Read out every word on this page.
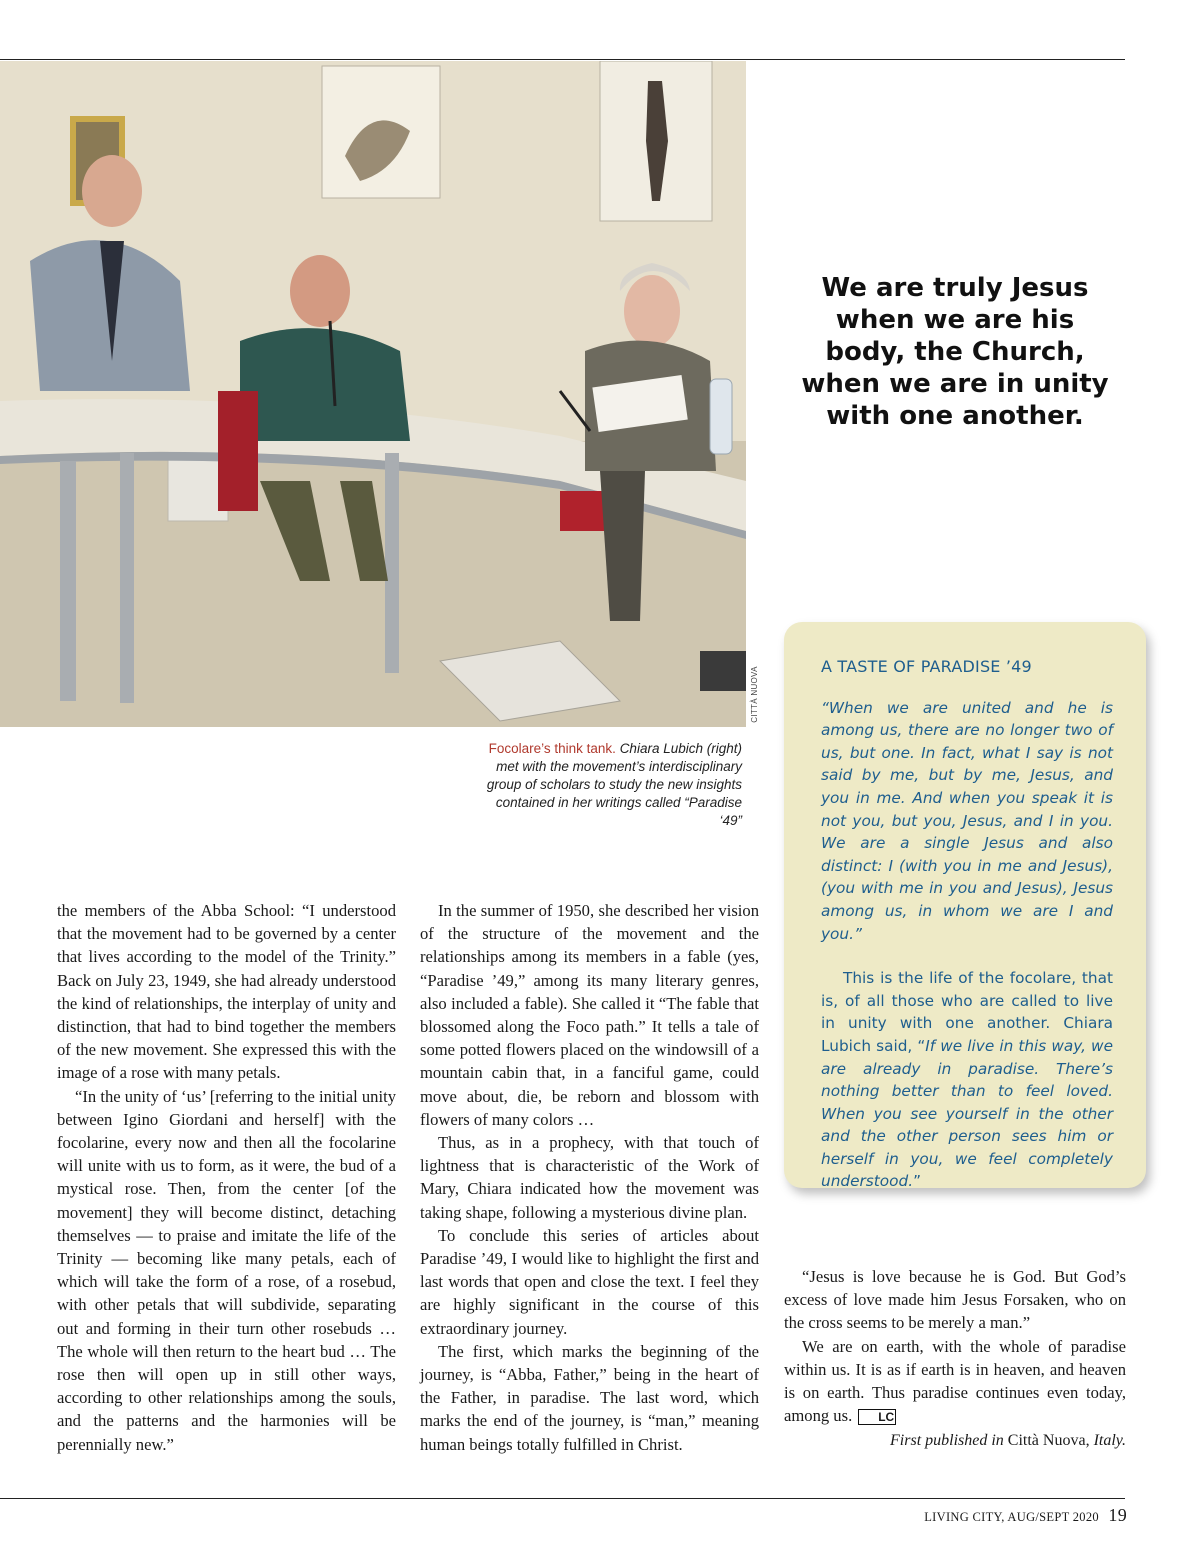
CITTÀ NUOVA
Focolare’s think tank. Chiara Lubich (right) met with the movement’s interdisciplinary group of scholars to study the new insights contained in her writings called “Paradise ‘49”
We are truly Jesus when we are his body, the Church, when we are in unity with one another.
A TASTE OF PARADISE ’49

“When we are united and he is among us, there are no longer two of us, but one. In fact, what I say is not said by me, but by me, Jesus, and you in me. And when you speak it is not you, but you, Jesus, and I in you. We are a single Jesus and also distinct: I (with you in me and Jesus), (you with me in you and Jesus), Jesus among us, in whom we are I and you.”

This is the life of the focolare, that is, of all those who are called to live in unity with one another. Chiara Lubich said, “If we live in this way, we are already in paradise. There’s nothing better than to feel loved. When you see yourself in the other and the other person sees him or herself in you, we feel completely understood.”

the members of the Abba School: “I understood that the movement had to be governed by a center that lives according to the model of the Trinity.” Back on July 23, 1949, she had already understood the kind of relationships, the interplay of unity and distinction, that had to bind together the members of the new movement. She expressed this with the image of a rose with many petals.

“In the unity of ‘us’ [referring to the initial unity between Igino Giordani and herself] with the focolarine, every now and then all the focolarine will unite with us to form, as it were, the bud of a mystical rose. Then, from the center [of the movement] they will become distinct, detaching themselves — to praise and imitate the life of the Trinity — becoming like many petals, each of which will take the form of a rose, of a rosebud, with other petals that will subdivide, separating out and forming in their turn other rosebuds … The whole will then return to the heart bud … The rose then will open up in still other ways, according to other relationships among the souls, and the patterns and the harmonies will be perennially new.”

In the summer of 1950, she described her vision of the structure of the movement and the relationships among its members in a fable (yes, “Paradise ’49,” among its many literary genres, also included a fable). She called it “The fable that blossomed along the Foco path.” It tells a tale of some potted flowers placed on the windowsill of a mountain cabin that, in a fanciful game, could move about, die, be reborn and blossom with flowers of many colors …

Thus, as in a prophecy, with that touch of lightness that is characteristic of the Work of Mary, Chiara indicated how the movement was taking shape, following a mysterious divine plan.

To conclude this series of articles about Paradise ’49, I would like to highlight the first and last words that open and close the text. I feel they are highly significant in the course of this extraordinary journey.

The first, which marks the beginning of the journey, is “Abba, Father,” being in the heart of the Father, in paradise. The last word, which marks the end of the journey, is “man,” meaning human beings totally fulfilled in Christ.

“Jesus is love because he is God. But God’s excess of love made him Jesus Forsaken, who on the cross seems to be merely a man.”

We are on earth, with the whole of paradise within us. It is as if earth is in heaven, and heaven is on earth. Thus paradise continues even today, among us. LC

First published in Città Nuova, Italy.
LIVING CITY, AUG/SEPT 2020 19
